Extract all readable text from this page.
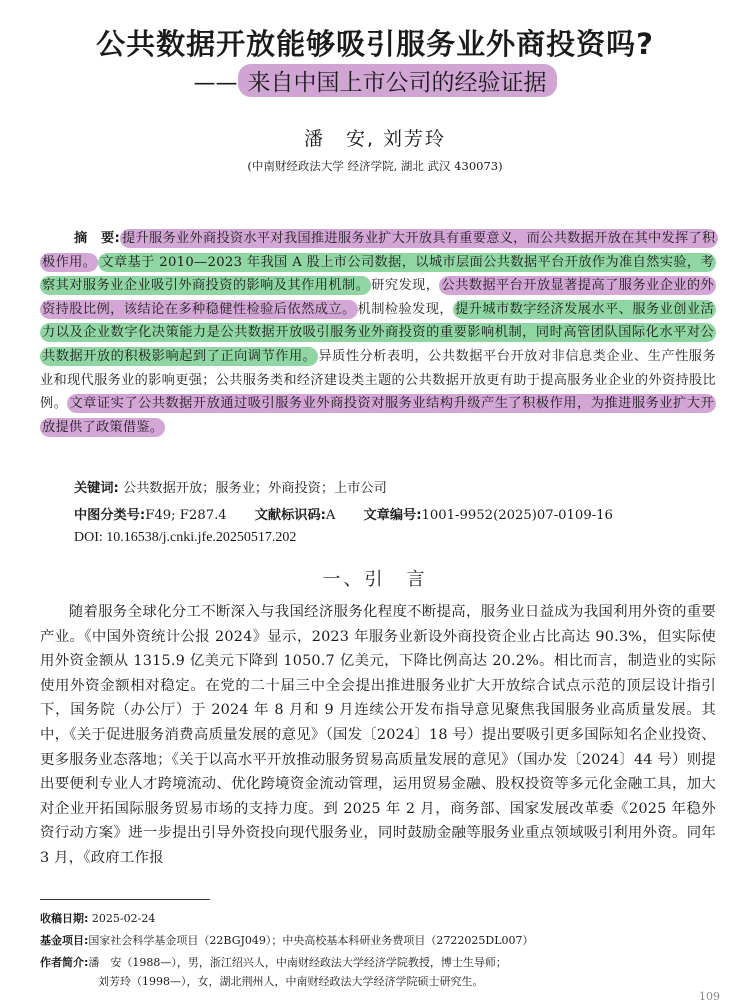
公共数据开放能够吸引服务业外商投资吗?
—— 来自中国上市公司的经验证据
潘　安, 刘芳玲
(中南财经政法大学 经济学院, 湖北 武汉 430073)
摘　要: 提升服务业外商投资水平对我国推进服务业扩大开放具有重要意义，而公共数据开放在其中发挥了积极作用。 文章基于 2010—2023 年我国 A 股上市公司数据，以城市层面公共数据平台开放作为准自然实验，考察其对服务业企业吸引外商投资的影响及其作用机制。 研究发现， 公共数据平台开放显著提高了服务业企业的外资持股比例，该结论在多种稳健性检验后依然成立。 机制检验发现， 提升城市数字经济发展水平、服务业创业活力以及企业数字化决策能力是公共数据开放吸引服务业外商投资的重要影响机制，同时高管团队国际化水平对公共数据开放的积极影响起到了正向调节作用。 异质性分析表明，公共数据平台开放对非信息类企业、生产性服务业和现代服务业的影响更强；公共服务类和经济建设类主题的公共数据开放更有助于提高服务业企业的外资持股比例。 文章证实了公共数据开放通过吸引服务业外商投资对服务业结构升级产生了积极作用，为推进服务业扩大开放提供了政策借鉴。
关键词: 公共数据开放；服务业；外商投资；上市公司
中图分类号:F49; F287.4 文献标识码:A 文章编号:1001-9952(2025)07-0109-16
DOI: 10.16538/j.cnki.jfe.20250517.202
一、引　言
随着服务全球化分工不断深入与我国经济服务化程度不断提高，服务业日益成为我国利用外资的重要产业。《中国外资统计公报 2024》显示，2023 年服务业新设外商投资企业占比高达 90.3%，但实际使用外资金额从 1315.9 亿美元下降到 1050.7 亿美元，下降比例高达 20.2%。相比而言，制造业的实际使用外资金额相对稳定。在党的二十届三中全会提出推进服务业扩大开放综合试点示范的顶层设计指引下，国务院（办公厅）于 2024 年 8 月和 9 月连续公开发布指导意见聚焦我国服务业高质量发展。其中，《关于促进服务消费高质量发展的意见》（国发〔2024〕18 号）提出要吸引更多国际知名企业投资、更多服务业态落地；《关于以高水平开放推动服务贸易高质量发展的意见》（国办发〔2024〕44 号）则提出要便利专业人才跨境流动、优化跨境资金流动管理，运用贸易金融、股权投资等多元化金融工具，加大对企业开拓国际服务贸易市场的支持力度。到 2025 年 2 月，商务部、国家发展改革委《2025 年稳外资行动方案》进一步提出引导外资投向现代服务业，同时鼓励金融等服务业重点领域吸引利用外资。同年 3 月，《政府工作报
收稿日期: 2025-02-24
基金项目:国家社会科学基金项目（22BGJ049）；中央高校基本科研业务费项目（2722025DL007）
作者简介:潘　安（1988—），男，浙江绍兴人，中南财经政法大学经济学院教授，博士生导师；
刘芳玲（1998—），女，湖北荆州人，中南财经政法大学经济学院硕士研究生。
109
